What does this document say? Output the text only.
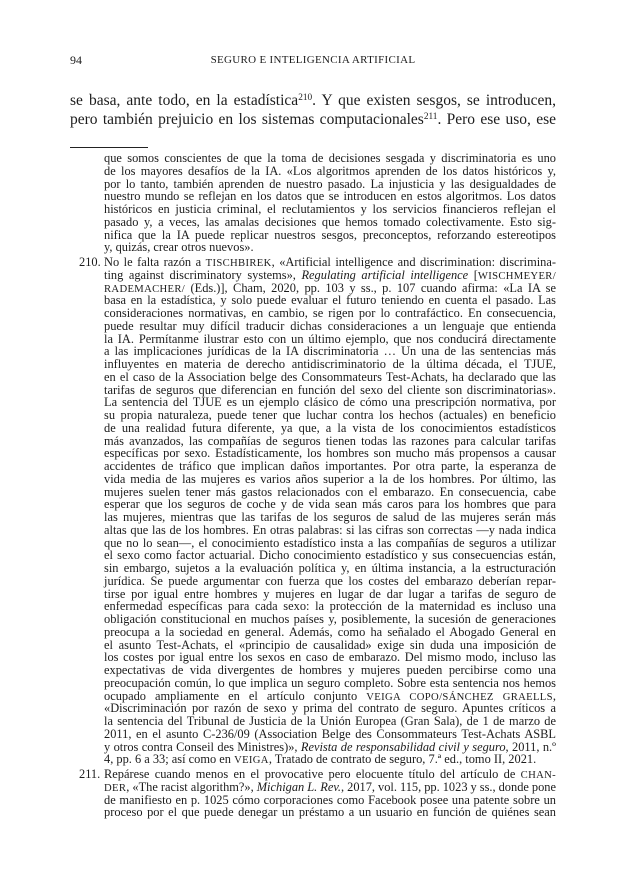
94	SEGURO E INTELIGENCIA ARTIFICIAL
se basa, ante todo, en la estadística$^{210}$. Y que existen sesgos, se introducen,
pero también prejuicio en los sistemas computacionales$^{211}$. Pero ese uso, ese
que somos conscientes de que la toma de decisiones sesgada y discriminatoria es uno
de los mayores desafíos de la IA. «Los algoritmos aprenden de los datos históricos y,
por lo tanto, también aprenden de nuestro pasado. La injusticia y las desigualdades de
nuestro mundo se reflejan en los datos que se introducen en estos algoritmos. Los datos
históricos en justicia criminal, el reclutamientos y los servicios financieros reflejan el
pasado y, a veces, las amalas decisiones que hemos tomado colectivamente. Esto sig-
nifica que la IA puede replicar nuestros sesgos, preconceptos, reforzando estereotipos
y, quizás, crear otros nuevos».
210. No le falta razón a TISCHBIREK, «Artificial intelligence and discrimination: discrimina-
ting against discriminatory systems», Regulating artificial intelligence [WISCHMEYER/
RADEMACHER/ (Eds.)], Cham, 2020, pp. 103 y ss., p. 107 cuando afirma: «La IA se
basa en la estadística, y solo puede evaluar el futuro teniendo en cuenta el pasado. Las
consideraciones normativas, en cambio, se rigen por lo contrafáctico. En consecuencia,
puede resultar muy difícil traducir dichas consideraciones a un lenguaje que entienda
la IA. Permítanme ilustrar esto con un último ejemplo, que nos conducirá directamente
a las implicaciones jurídicas de la IA discriminatoria … Un una de las sentencias más
influyentes en materia de derecho antidiscriminatorio de la última década, el TJUE,
en el caso de la Association belge des Consommateurs Test-Achats, ha declarado que las
tarifas de seguros que diferencian en función del sexo del cliente son discriminatorias».
La sentencia del TJUE es un ejemplo clásico de cómo una prescripción normativa, por
su propia naturaleza, puede tener que luchar contra los hechos (actuales) en beneficio
de una realidad futura diferente, ya que, a la vista de los conocimientos estadísticos
más avanzados, las compañías de seguros tienen todas las razones para calcular tarifas
específicas por sexo. Estadísticamente, los hombres son mucho más propensos a causar
accidentes de tráfico que implican daños importantes. Por otra parte, la esperanza de
vida media de las mujeres es varios años superior a la de los hombres. Por último, las
mujeres suelen tener más gastos relacionados con el embarazo. En consecuencia, cabe
esperar que los seguros de coche y de vida sean más caros para los hombres que para
las mujeres, mientras que las tarifas de los seguros de salud de las mujeres serán más
altas que las de los hombres. En otras palabras: si las cifras son correctas —y nada indica
que no lo sean—, el conocimiento estadístico insta a las compañías de seguros a utilizar
el sexo como factor actuarial. Dicho conocimiento estadístico y sus consecuencias están,
sin embargo, sujetos a la evaluación política y, en última instancia, a la estructuración
jurídica. Se puede argumentar con fuerza que los costes del embarazo deberían repar-
tirse por igual entre hombres y mujeres en lugar de dar lugar a tarifas de seguro de
enfermedad específicas para cada sexo: la protección de la maternidad es incluso una
obligación constitucional en muchos países y, posiblemente, la sucesión de generaciones
preocupa a la sociedad en general. Además, como ha señalado el Abogado General en
el asunto Test-Achats, el «principio de causalidad» exige sin duda una imposición de
los costes por igual entre los sexos en caso de embarazo. Del mismo modo, incluso las
expectativas de vida divergentes de hombres y mujeres pueden percibirse como una
preocupación común, lo que implica un seguro completo. Sobre esta sentencia nos hemos
ocupado ampliamente en el artículo conjunto VEIGA COPO/SÁNCHEZ GRAELLS,
«Discriminación por razón de sexo y prima del contrato de seguro. Apuntes críticos a
la sentencia del Tribunal de Justicia de la Unión Europea (Gran Sala), de 1 de marzo de
2011, en el asunto C-236/09 (Association Belge des Consommateurs Test-Achats ASBL
y otros contra Conseil des Ministres)», Revista de responsabilidad civil y seguro, 2011, n.º
4, pp. 6 a 33; así como en VEIGA, Tratado de contrato de seguro, 7.ª ed., tomo II, 2021.
211. Repárese cuando menos en el provocative pero elocuente título del artículo de CHAN-
DER, «The racist algorithm?», Michigan L. Rev., 2017, vol. 115, pp. 1023 y ss., donde pone
de manifiesto en p. 1025 cómo corporaciones como Facebook posee una patente sobre un
proceso por el que puede denegar un préstamo a un usuario en función de quiénes sean
